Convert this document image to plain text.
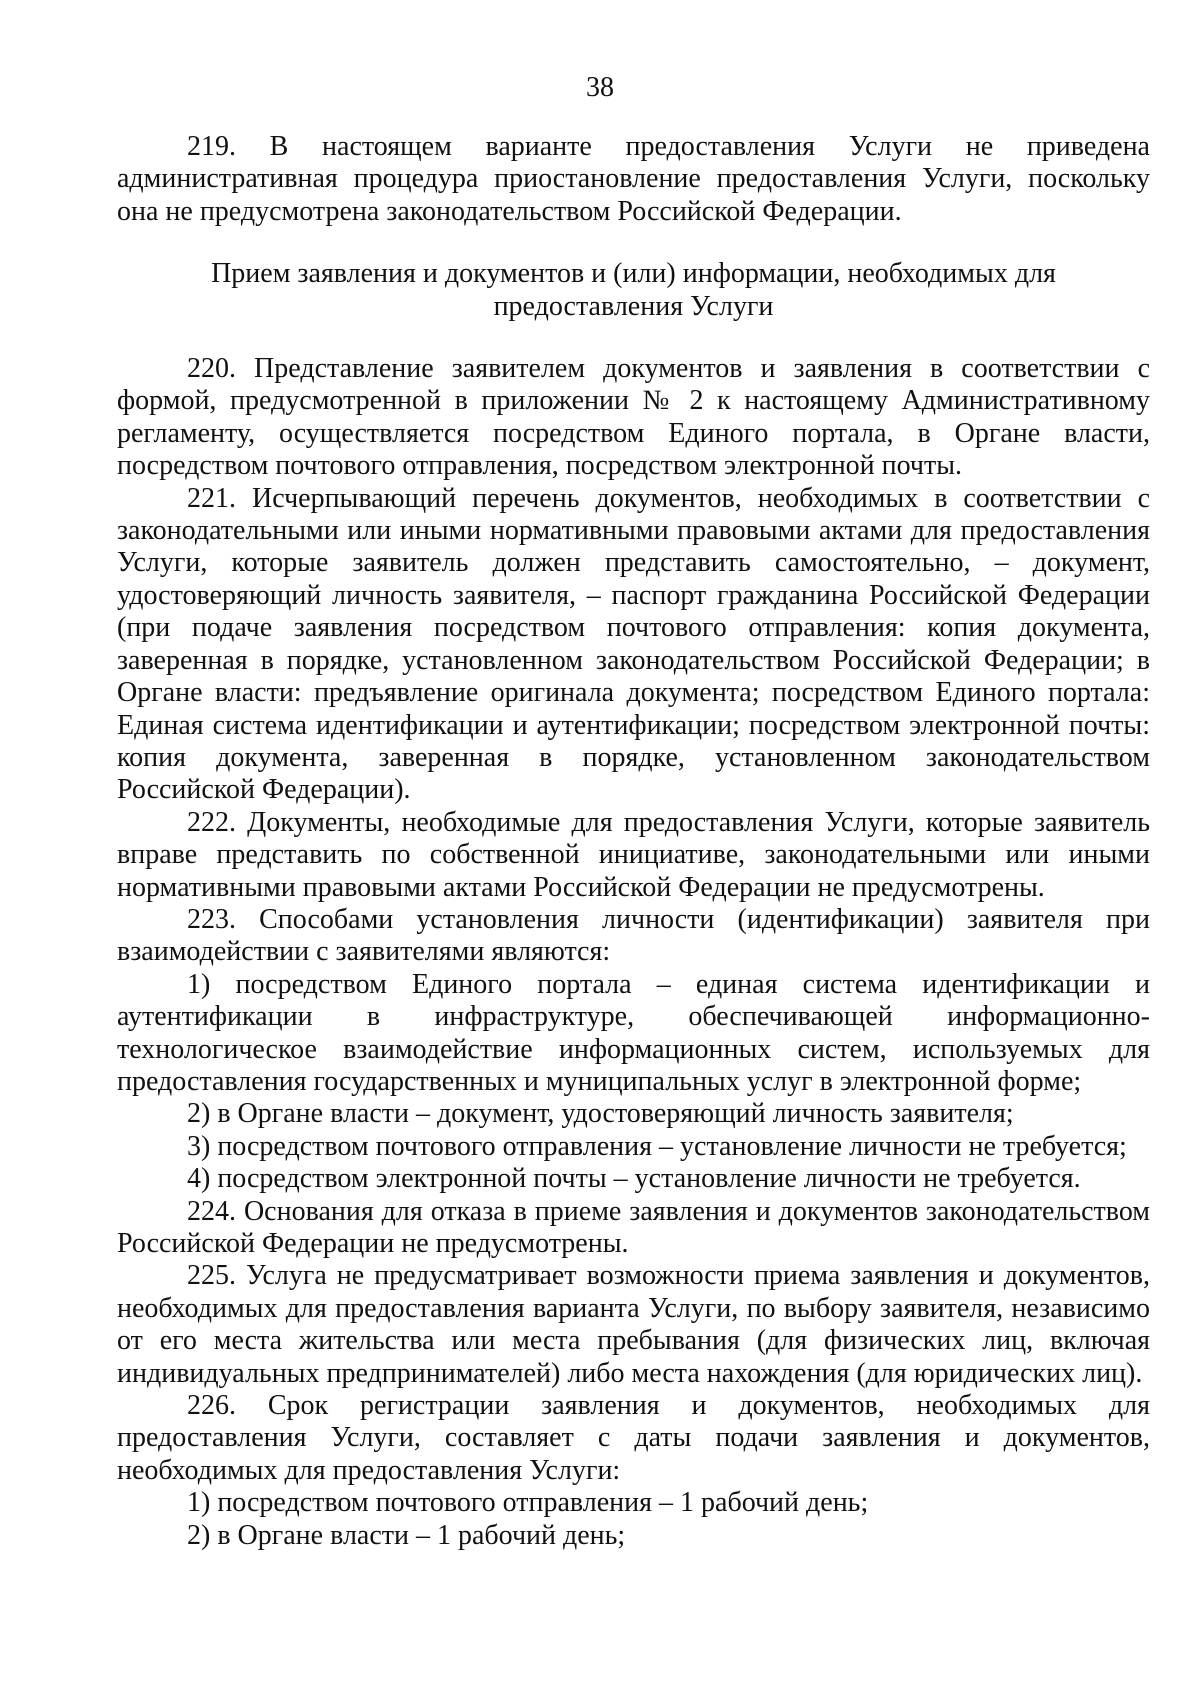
38

219. В настоящем варианте предоставления Услуги не приведена административная процедура приостановление предоставления Услуги, поскольку она не предусмотрена законодательством Российской Федерации.

Прием заявления и документов и (или) информации, необходимых для предоставления Услуги

220. Представление заявителем документов и заявления в соответствии с формой, предусмотренной в приложении № 2 к настоящему Административному регламенту, осуществляется посредством Единого портала, в Органе власти, посредством почтового отправления, посредством электронной почты.

221. Исчерпывающий перечень документов, необходимых в соответствии с законодательными или иными нормативными правовыми актами для предоставления Услуги, которые заявитель должен представить самостоятельно, – документ, удостоверяющий личность заявителя, – паспорт гражданина Российской Федерации (при подаче заявления посредством почтового отправления: копия документа, заверенная в порядке, установленном законодательством Российской Федерации; в Органе власти: предъявление оригинала документа; посредством Единого портала: Единая система идентификации и аутентификации; посредством электронной почты: копия документа, заверенная в порядке, установленном законодательством Российской Федерации).

222. Документы, необходимые для предоставления Услуги, которые заявитель вправе представить по собственной инициативе, законодательными или иными нормативными правовыми актами Российской Федерации не предусмотрены.

223. Способами установления личности (идентификации) заявителя при взаимодействии с заявителями являются:

1) посредством Единого портала – единая система идентификации и аутентификации в инфраструктуре, обеспечивающей информационно-технологическое взаимодействие информационных систем, используемых для предоставления государственных и муниципальных услуг в электронной форме;

2) в Органе власти – документ, удостоверяющий личность заявителя;

3) посредством почтового отправления – установление личности не требуется;

4) посредством электронной почты – установление личности не требуется.

224. Основания для отказа в приеме заявления и документов законодательством Российской Федерации не предусмотрены.

225. Услуга не предусматривает возможности приема заявления и документов, необходимых для предоставления варианта Услуги, по выбору заявителя, независимо от его места жительства или места пребывания (для физических лиц, включая индивидуальных предпринимателей) либо места нахождения (для юридических лиц).

226. Срок регистрации заявления и документов, необходимых для предоставления Услуги, составляет с даты подачи заявления и документов, необходимых для предоставления Услуги:

1) посредством почтового отправления – 1 рабочий день;

2) в Органе власти – 1 рабочий день;
